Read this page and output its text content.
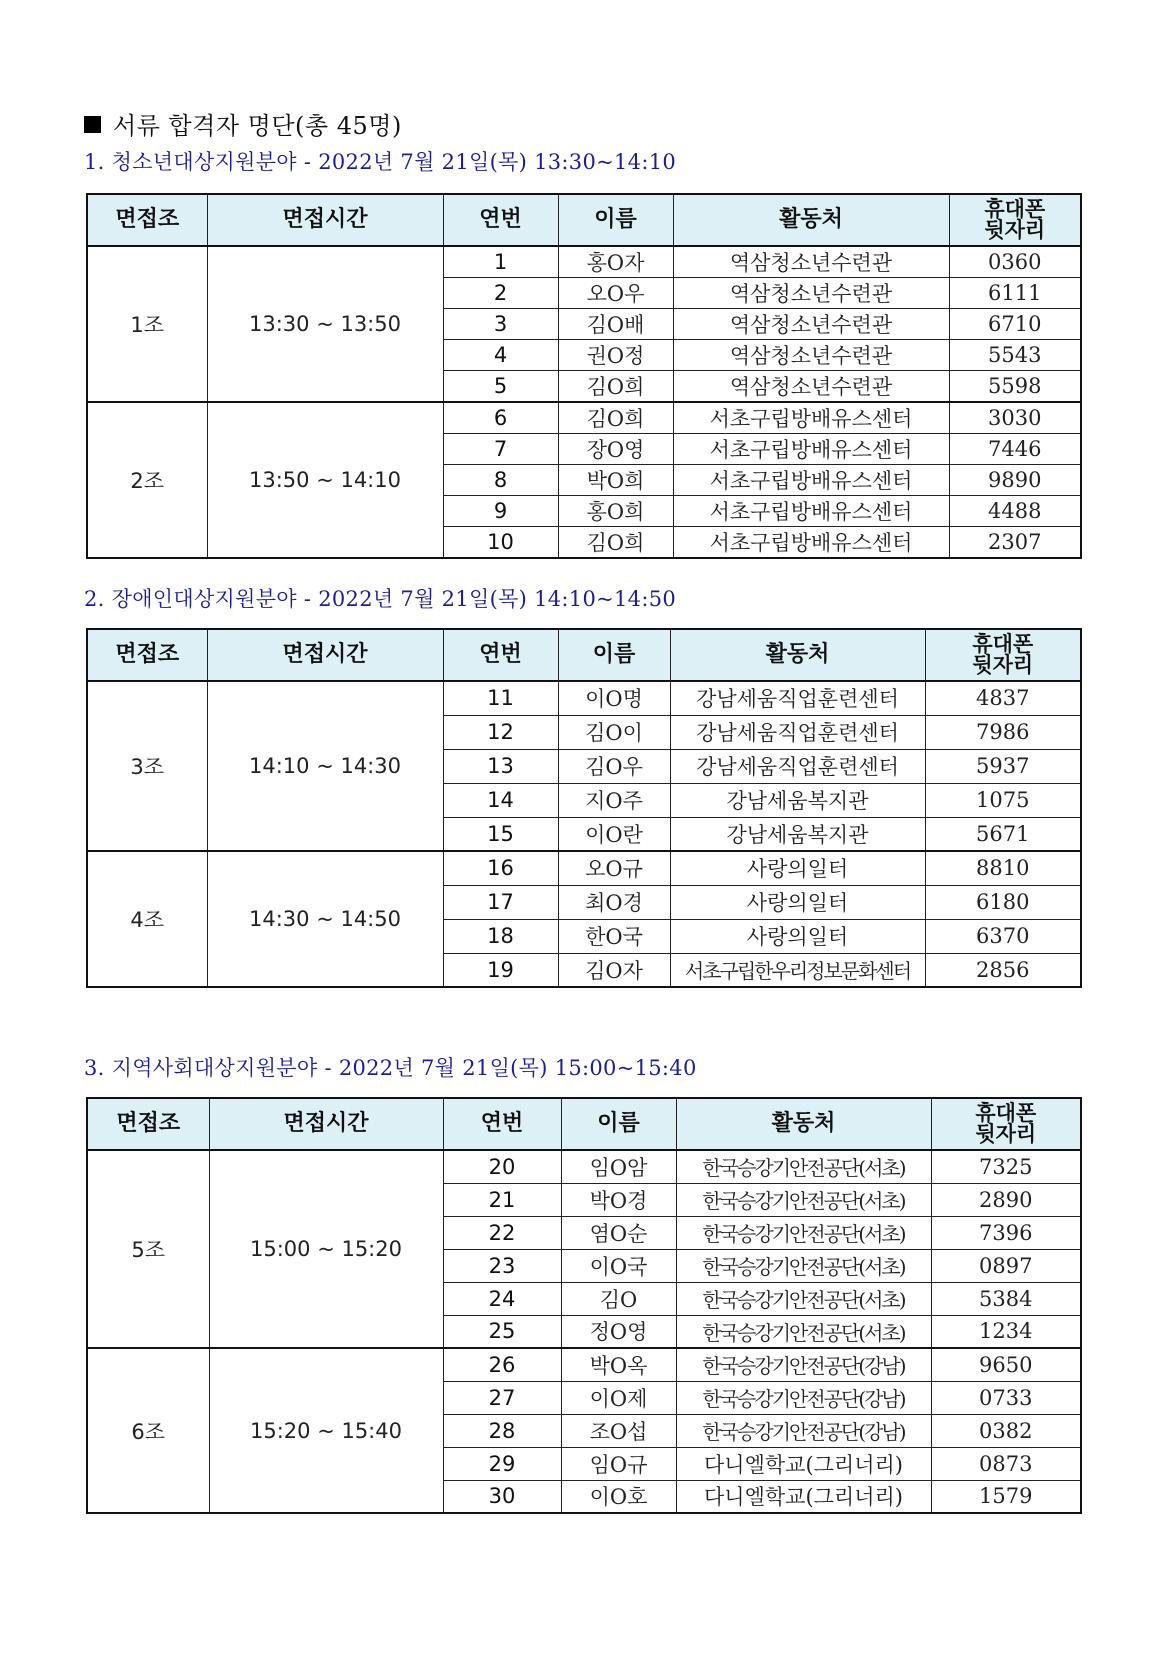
서류 합격자 명단(총 45명)
1. 청소년대상지원분야 - 2022년 7월 21일(목) 13:30~14:10
면접조	면접시간	연번	이름	활동처	휴대폰
뒷자리
1조	13:30 ~ 13:50	1	홍O자	역삼청소년수련관	0360
		2	오O우	역삼청소년수련관	6111
		3	김O배	역삼청소년수련관	6710
		4	권O정	역삼청소년수련관	5543
		5	김O희	역삼청소년수련관	5598
2조	13:50 ~ 14:10	6	김O희	서초구립방배유스센터	3030
		7	장O영	서초구립방배유스센터	7446
		8	박O희	서초구립방배유스센터	9890
		9	홍O희	서초구립방배유스센터	4488
		10	김O희	서초구립방배유스센터	2307
2. 장애인대상지원분야 - 2022년 7월 21일(목) 14:10~14:50
면접조	면접시간	연번	이름	활동처	휴대폰
뒷자리
3조	14:10 ~ 14:30	11	이O명	강남세움직업훈련센터	4837
		12	김O이	강남세움직업훈련센터	7986
		13	김O우	강남세움직업훈련센터	5937
		14	지O주	강남세움복지관	1075
		15	이O란	강남세움복지관	5671
4조	14:30 ~ 14:50	16	오O규	사랑의일터	8810
		17	최O경	사랑의일터	6180
		18	한O국	사랑의일터	6370
		19	김O자	서초구립한우리정보문화센터	2856
3. 지역사회대상지원분야 - 2022년 7월 21일(목) 15:00~15:40
면접조	면접시간	연번	이름	활동처	휴대폰
뒷자리
5조	15:00 ~ 15:20	20	임O암	한국승강기안전공단(서초)	7325
		21	박O경	한국승강기안전공단(서초)	2890
		22	염O순	한국승강기안전공단(서초)	7396
		23	이O국	한국승강기안전공단(서초)	0897
		24	김O	한국승강기안전공단(서초)	5384
		25	정O영	한국승강기안전공단(서초)	1234
6조	15:20 ~ 15:40	26	박O옥	한국승강기안전공단(강남)	9650
		27	이O제	한국승강기안전공단(강남)	0733
		28	조O섭	한국승강기안전공단(강남)	0382
		29	임O규	다니엘학교(그리너리)	0873
		30	이O호	다니엘학교(그리너리)	1579
